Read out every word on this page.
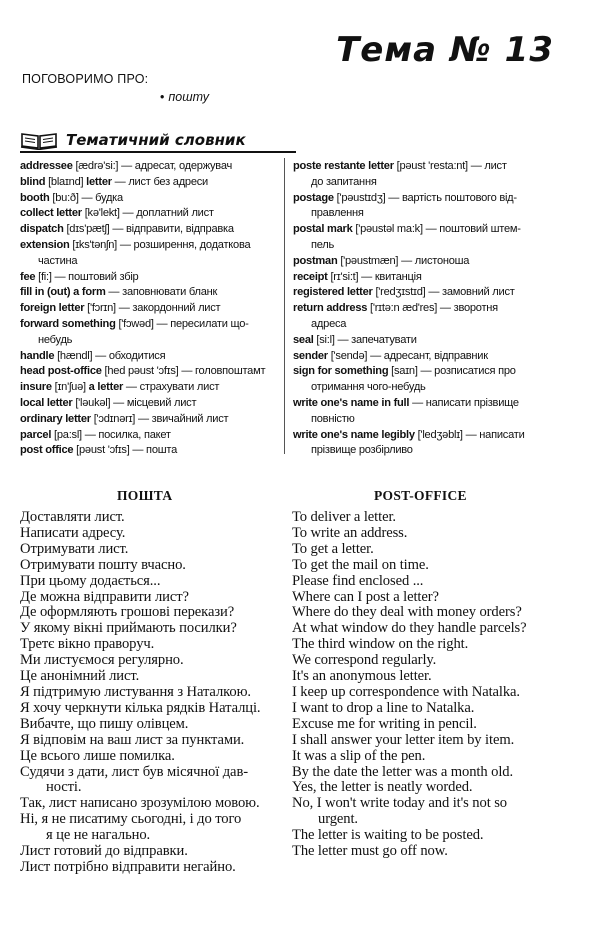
Тема № 13
ПОГОВОРИМО ПРО:
• пошту
Тематичний словник
addressee [ædrə'si:] — адресат, одержувач
blind [blaɪnd] letter — лист без адреси
booth [bu:ð] — будка
collect letter [kə'lekt] — доплатний лист
dispatch [dɪs'pætʃ] — відправити, відправка
extension [ɪks'tənʃn] — розширення, додаткова
частина
fee [fi:] — поштовий збір
fill in (out) a form — заповнювати бланк
foreign letter ['fɔrɪn] — закордонний лист
forward something ['fɔwəd] — пересилати що-
небудь
handle [hændl] — обходитися
head post-office [hed pəust 'ɔfɪs] — головпоштамт
insure [ɪn'ʃuə] a letter — страхувати лист
local letter ['ləukəl] — місцевий лист
ordinary letter ['ɔdɪnərɪ] — звичайний лист
parcel [pa:sl] — посилка, пакет
post office [pəust 'ɔfɪs] — пошта
poste restante letter [pəust 'resta:nt] — лист
до запитання
postage ['pəustɪdʒ] — вартість поштового від-
правлення
postal mark ['pəustəl ma:k] — поштовий штем-
пель
postman ['pəustmæn] — листоноша
receipt [rɪ'si:t] — квитанція
registered letter ['redʒɪstɪd] — замовний лист
return address ['rɪtə:n æd'res] — зворотня
адреса
seal [si:l] — запечатувати
sender ['sendə] — адресант, відправник
sign for something [saɪn] — розписатися про
отримання чого-небудь
write one's name in full — написати прізвище
повністю
write one's name legibly ['ledʒəblɪ] — написати
прізвище розбірливо
ПОШТА	POST-OFFICE
Доставляти лист.
Написати адресу.
Отримувати лист.
Отримувати пошту вчасно.
При цьому додається...
Де можна відправити лист?
Де оформляють грошові перекази?
У якому вікні приймають посилки?
Третє вікно праворуч.
Ми листуємося регулярно.
Це анонімний лист.
Я підтримую листування з Наталкою.
Я хочу черкнути кілька рядків Наталці.
Вибачте, що пишу олівцем.
Я відповім на ваш лист за пунктами.
Це всього лише помилка.
Судячи з дати, лист був місячної дав-
ності.
Так, лист написано зрозумілою мовою.
Ні, я не писатиму сьогодні, і до того
я це не нагально.
Лист готовий до відправки.
Лист потрібно відправити негайно.
To deliver a letter.
To write an address.
To get a letter.
To get the mail on time.
Please find enclosed ...
Where can I post a letter?
Where do they deal with money orders?
At what window do they handle parcels?
The third window on the right.
We correspond regularly.
It's an anonymous letter.
I keep up correspondence with Natalka.
I want to drop a line to Natalka.
Excuse me for writing in pencil.
I shall answer your letter item by item.
It was a slip of the pen.
By the date the letter was a month old.
Yes, the letter is neatly worded.
No, I won't write today and it's not so
urgent.
The letter is waiting to be posted.
The letter must go off now.
